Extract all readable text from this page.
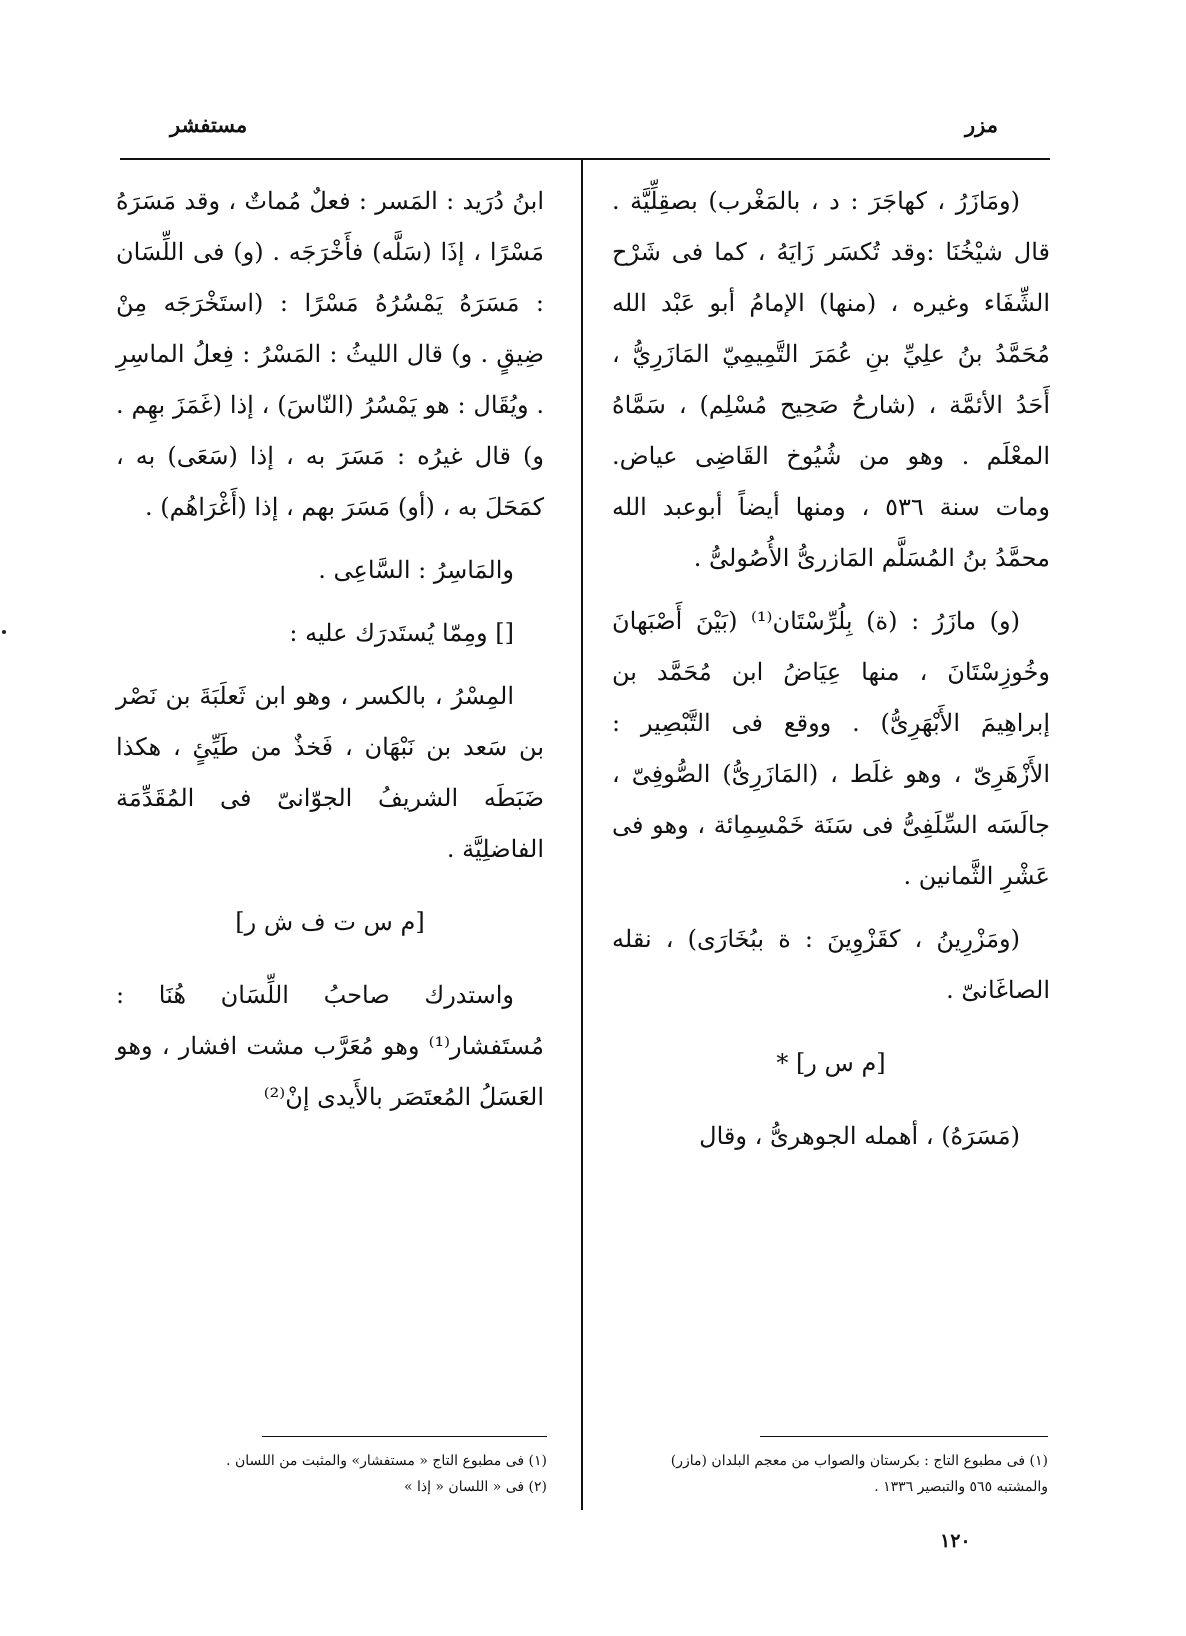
مزر
مستفشر

(ومَازَرُ ، كهاجَرَ : د ، بالمَغْرب) بصقِلِّيَّة . قال شيْخُنَا :وقد تُكسَر زَايَهُ ، كما فى شَرْح الشِّفَاء وغيره ، (منها) الإمامُ أبو عَبْد الله مُحَمَّدُ بنُ علِيِّ بنِ عُمَرَ التَّمِيمِيّ المَازَرِيُّ ، أَحَدُ الأئمَّة ، (شارحُ صَحِيح مُسْلِم) ، سَمَّاهُ المعْلَم . وهو من شُيُوخ القَاضِى عياض. ومات سنة ٥٣٦ ، ومنها أيضاً أبوعبد الله محمَّدُ بنُ المُسَلَّم المَازرىُّ الأُصُولىُّ .

(و) مازَرُ : (ة) بِلُرِّسْتَان⁽¹⁾ (بَيْنَ أَصْبَهانَ وخُوزِسْتَانَ ، منها عِيَاضُ ابن مُحَمَّد بن إبراهِيمَ الأَبْهَرِىُّ) . ووقع فى التَّبْصِير : الأَزْهَرِىّ ، وهو غلَط ، (المَازَرِىُّ) الصُّوفِىّ ، جالَسَه السِّلَفِىُّ فى سَنَة خَمْسِمِائة ، وهو فى عَشْرِ الثَّمانين .

(ومَزْرِينُ ، كقَزْوِينَ : ة ببُخَارَى) ، نقله الصاغَانىّ .

[م س ر] *

(مَسَرَهُ) ، أهمله الجوهرىُّ ، وقال

ابنُ دُرَيد : المَسر : فعلٌ مُماتٌ ، وقد مَسَرَهُ مَسْرًا ، إذَا (سَلَّه) فأَخْرَجَه . (و) فى اللِّسَان : مَسَرَهُ يَمْسُرُهُ مَسْرًا : (استَخْرَجَه مِنْ ضِيقٍ . و) قال الليثُ : المَسْرُ : فِعلُ الماسِرِ . ويُقَال : هو يَمْسُرُ (النّاسَ) ، إذا (غَمَزَ بهِم . و) قال غيرُه : مَسَرَ به ، إذا (سَعَى) به ، كمَحَلَ به ، (أو) مَسَرَ بهم ، إذا (أَغْرَاهُم) .

والمَاسِرُ : السَّاعِى .

[] ومِمّا يُستَدرَك عليه :

المِسْرُ ، بالكسر ، وهو ابن ثَعلَبَةَ بن نَصْر بن سَعد بن نَبْهَان ، فَخذٌ من طَيِّئٍ ، هكذا ضَبَطَه الشريفُ الجوّانىّ فى المُقَدِّمَة الفاضلِيَّة .

[م س ت ف ش ر]

واستدرك صاحبُ اللِّسَان هُنَا : مُستَفشار⁽¹⁾ وهو مُعَرَّب مشت افشار ، وهو العَسَلُ المُعتَصَر بالأَيدى إنْ⁽²⁾

(١) فى مطبوع التاج : بكرستان والصواب من معجم البلدان (مازر) والمشتبه ٥٦٥ والتبصير ١٣٣٦ .
(١) فى مطبوع التاج « مستفشار» والمثبت من اللسان .
(٢) فى « اللسان « إذا »
١٢٠
